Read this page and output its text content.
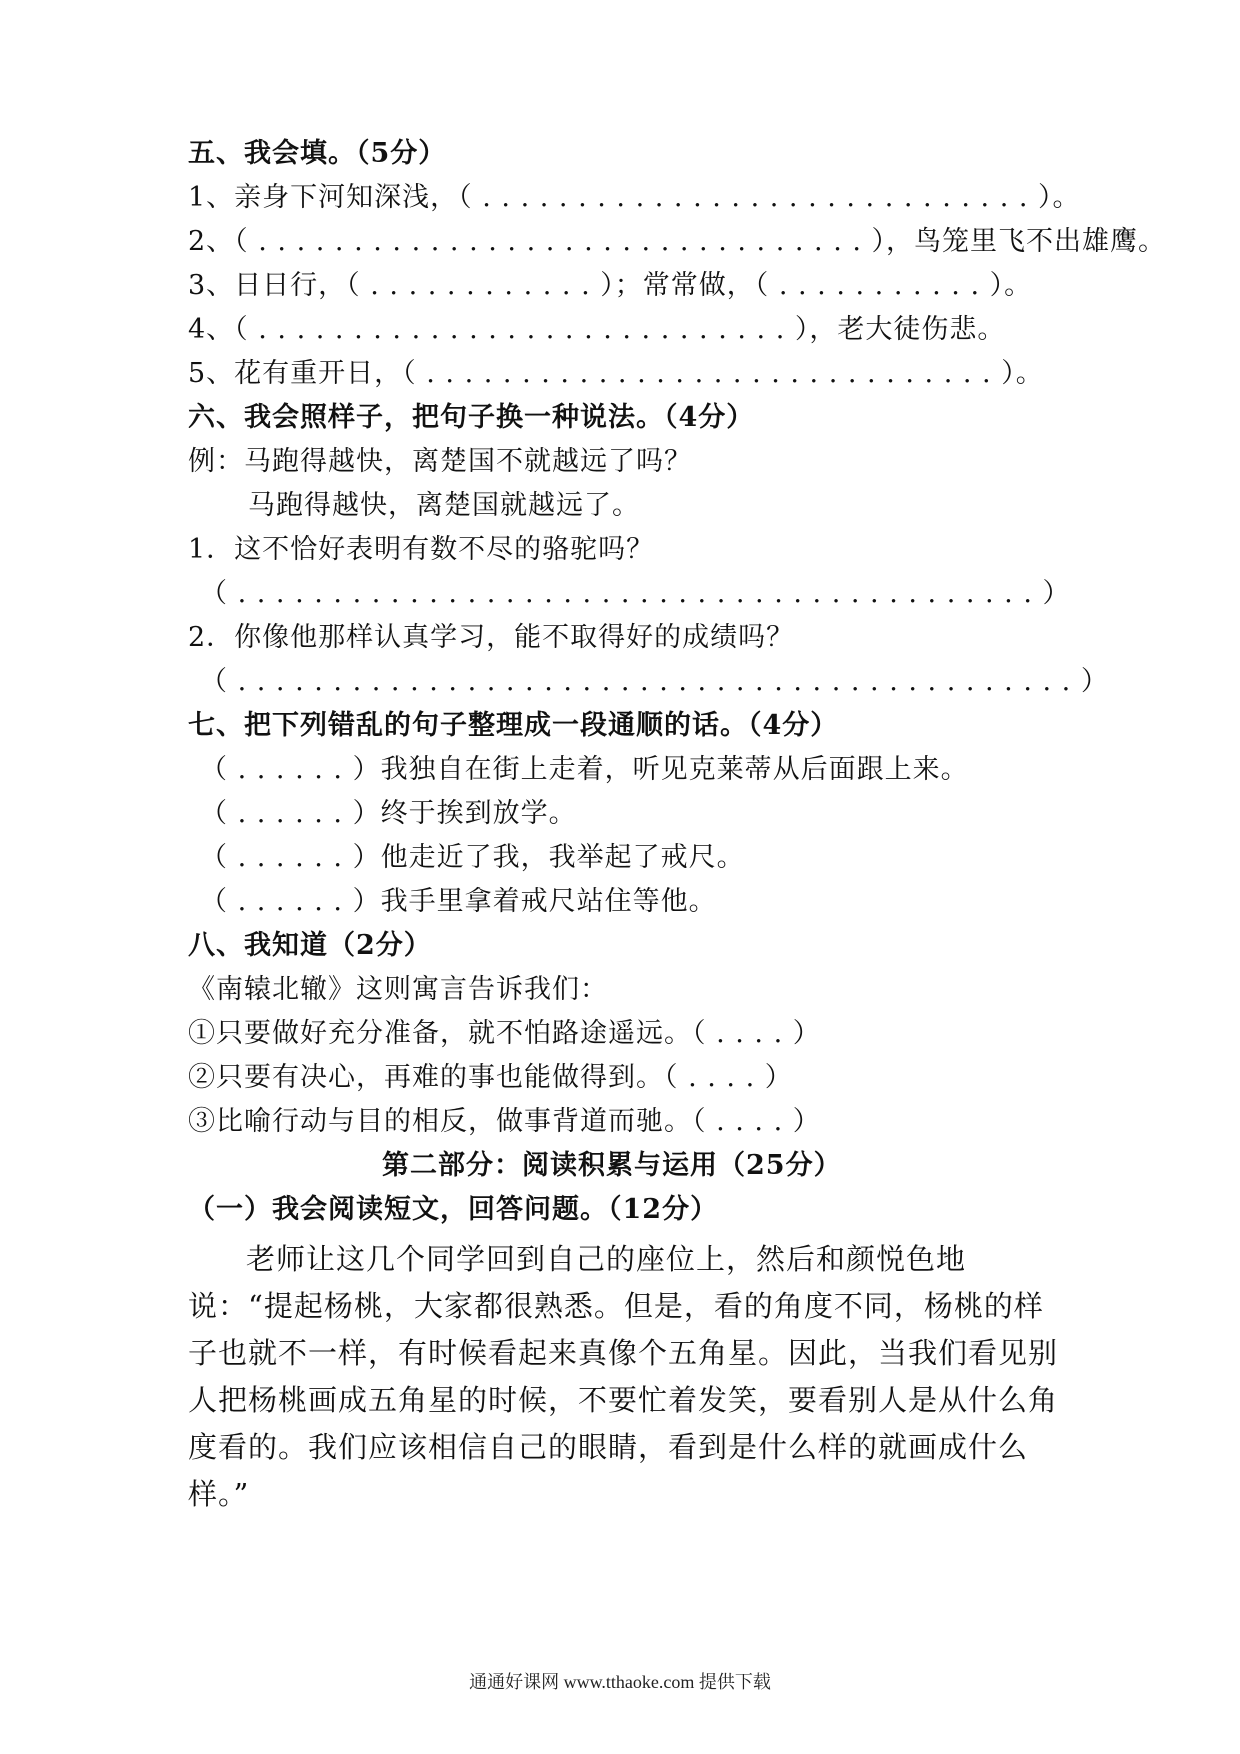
五、我会填。（5分）
1、亲身下河知深浅，（ . . . . . . . . . . . . . . . . . . . . . . . . . . . . . ）。
2、（ . . . . . . . . . . . . . . . . . . . . . . . . . . . . . . . . ），鸟笼里飞不出雄鹰。
3、日日行，（ . . . . . . . . . . . . ）；常常做，（ . . . . . . . . . . . ）。
4、（ . . . . . . . . . . . . . . . . . . . . . . . . . . . . ），老大徒伤悲。
5、花有重开日，（ . . . . . . . . . . . . . . . . . . . . . . . . . . . . . . ）。
六、我会照样子，把句子换一种说法。（4分）
例：马跑得越快，离楚国不就越远了吗？
马跑得越快，离楚国就越远了。
1．这不恰好表明有数不尽的骆驼吗？
（ . . . . . . . . . . . . . . . . . . . . . . . . . . . . . . . . . . . . . . . . . . ）
2．你像他那样认真学习，能不取得好的成绩吗？
（ . . . . . . . . . . . . . . . . . . . . . . . . . . . . . . . . . . . . . . . . . . . . ）
七、把下列错乱的句子整理成一段通顺的话。（4分）
（ . . . . . . ）我独自在街上走着，听见克莱蒂从后面跟上来。
（ . . . . . . ）终于挨到放学。
（ . . . . . . ）他走近了我，我举起了戒尺。
（ . . . . . . ）我手里拿着戒尺站住等他。
八、我知道（2分）
《南辕北辙》这则寓言告诉我们：
①只要做好充分准备，就不怕路途遥远。（ . . . . ）
②只要有决心，再难的事也能做得到。（ . . . . ）
③比喻行动与目的相反，做事背道而驰。（ . . . . ）
第二部分：阅读积累与运用（25分）
（一）我会阅读短文，回答问题。（12分）
老师让这几个同学回到自己的座位上，然后和颜悦色地说：“提起杨桃，大家都很熟悉。但是，看的角度不同，杨桃的样子也就不一样，有时候看起来真像个五角星。因此，当我们看见别人把杨桃画成五角星的时候，不要忙着发笑，要看别人是从什么角度看的。我们应该相信自己的眼睛，看到是什么样的就画成什么样。”
通通好课网 www.tthaoke.com 提供下载
